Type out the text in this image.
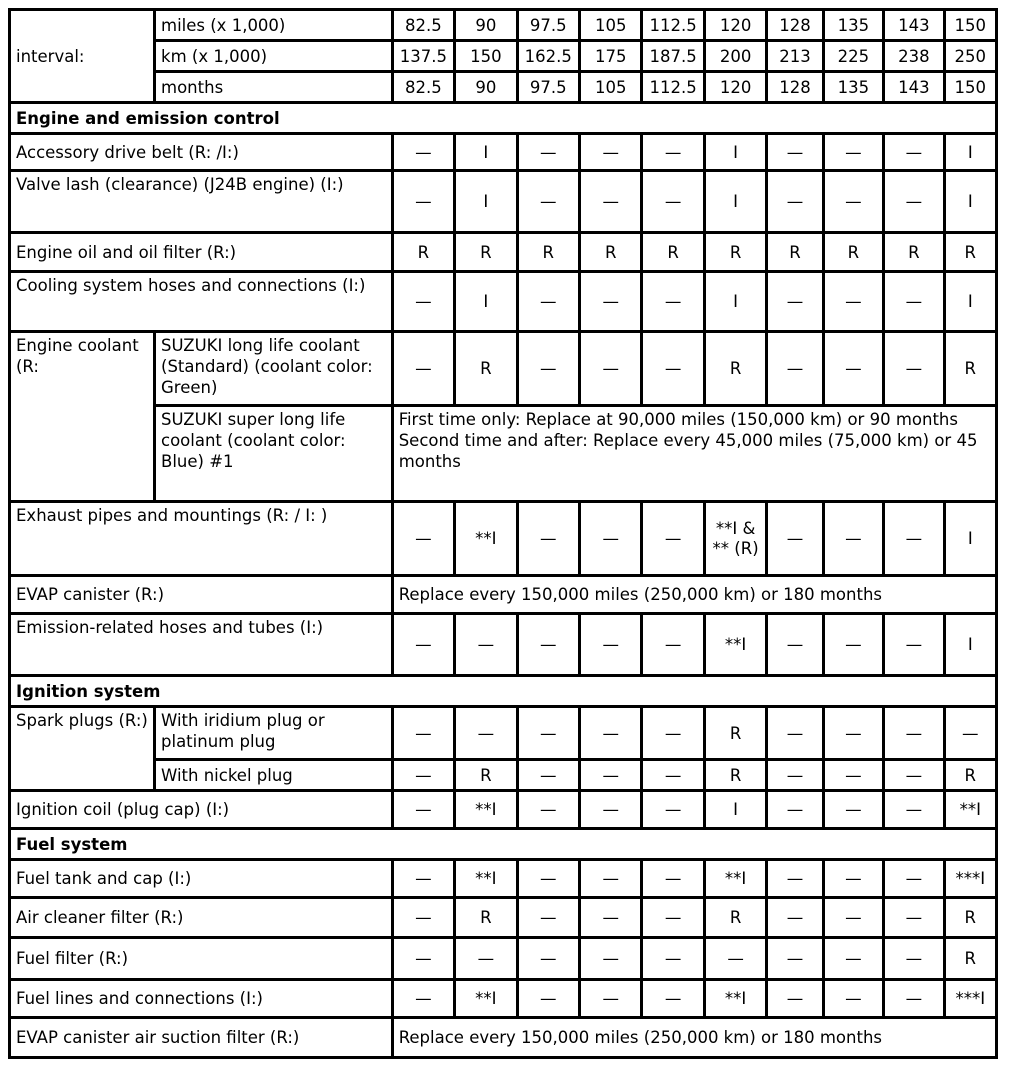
interval:	miles (x 1,000)	82.5	90	97.5	105	112.5	120	128	135	143	150
	km (x 1,000)	137.5	150	162.5	175	187.5	200	213	225	238	250
	months	82.5	90	97.5	105	112.5	120	128	135	143	150
Engine and emission control											
Accessory drive belt (R: /I:)		—	I	—	—	—	I	—	—	—	I
Valve lash (clearance) (J24B engine) (I:)		—	I	—	—	—	I	—	—	—	I
Engine oil and oil filter (R:)		R	R	R	R	R	R	R	R	R	R
Cooling system hoses and connections (I:)		—	I	—	—	—	I	—	—	—	I
Engine coolant (R:	SUZUKI long life coolant (Standard) (coolant color: Green)	—	R	—	—	—	R	—	—	—	R
	SUZUKI super long life coolant (coolant color: Blue) #1	First time only: Replace at 90,000 miles (150,000 km) or 90 months
Second time and after: Replace every 45,000 miles (75,000 km) or 45 months									

Exhaust pipes and mountings (R: / I: )		—	**I	—	—	—	**I & ** (R)	—	—	—	I
EVAP canister (R:)		Replace every 150,000 miles (250,000 km) or 180 months									
Emission-related hoses and tubes (I:)		—	—	—	—	—	**I	—	—	—	I
Ignition system											
Spark plugs (R:)	With iridium plug or platinum plug	—	—	—	—	—	R	—	—	—	—
	With nickel plug	—	R	—	—	—	R	—	—	—	R
Ignition coil (plug cap) (I:)		—	**I	—	—	—	I	—	—	—	**I
Fuel system											
Fuel tank and cap (I:)		—	**I	—	—	—	**I	—	—	—	***I
Air cleaner filter (R:)		—	R	—	—	—	R	—	—	—	R
Fuel filter (R:)		—	—	—	—	—	—	—	—	—	R
Fuel lines and connections (I:)		—	**I	—	—	—	**I	—	—	—	***I
EVAP canister air suction filter (R:)		Replace every 150,000 miles (250,000 km) or 180 months									
